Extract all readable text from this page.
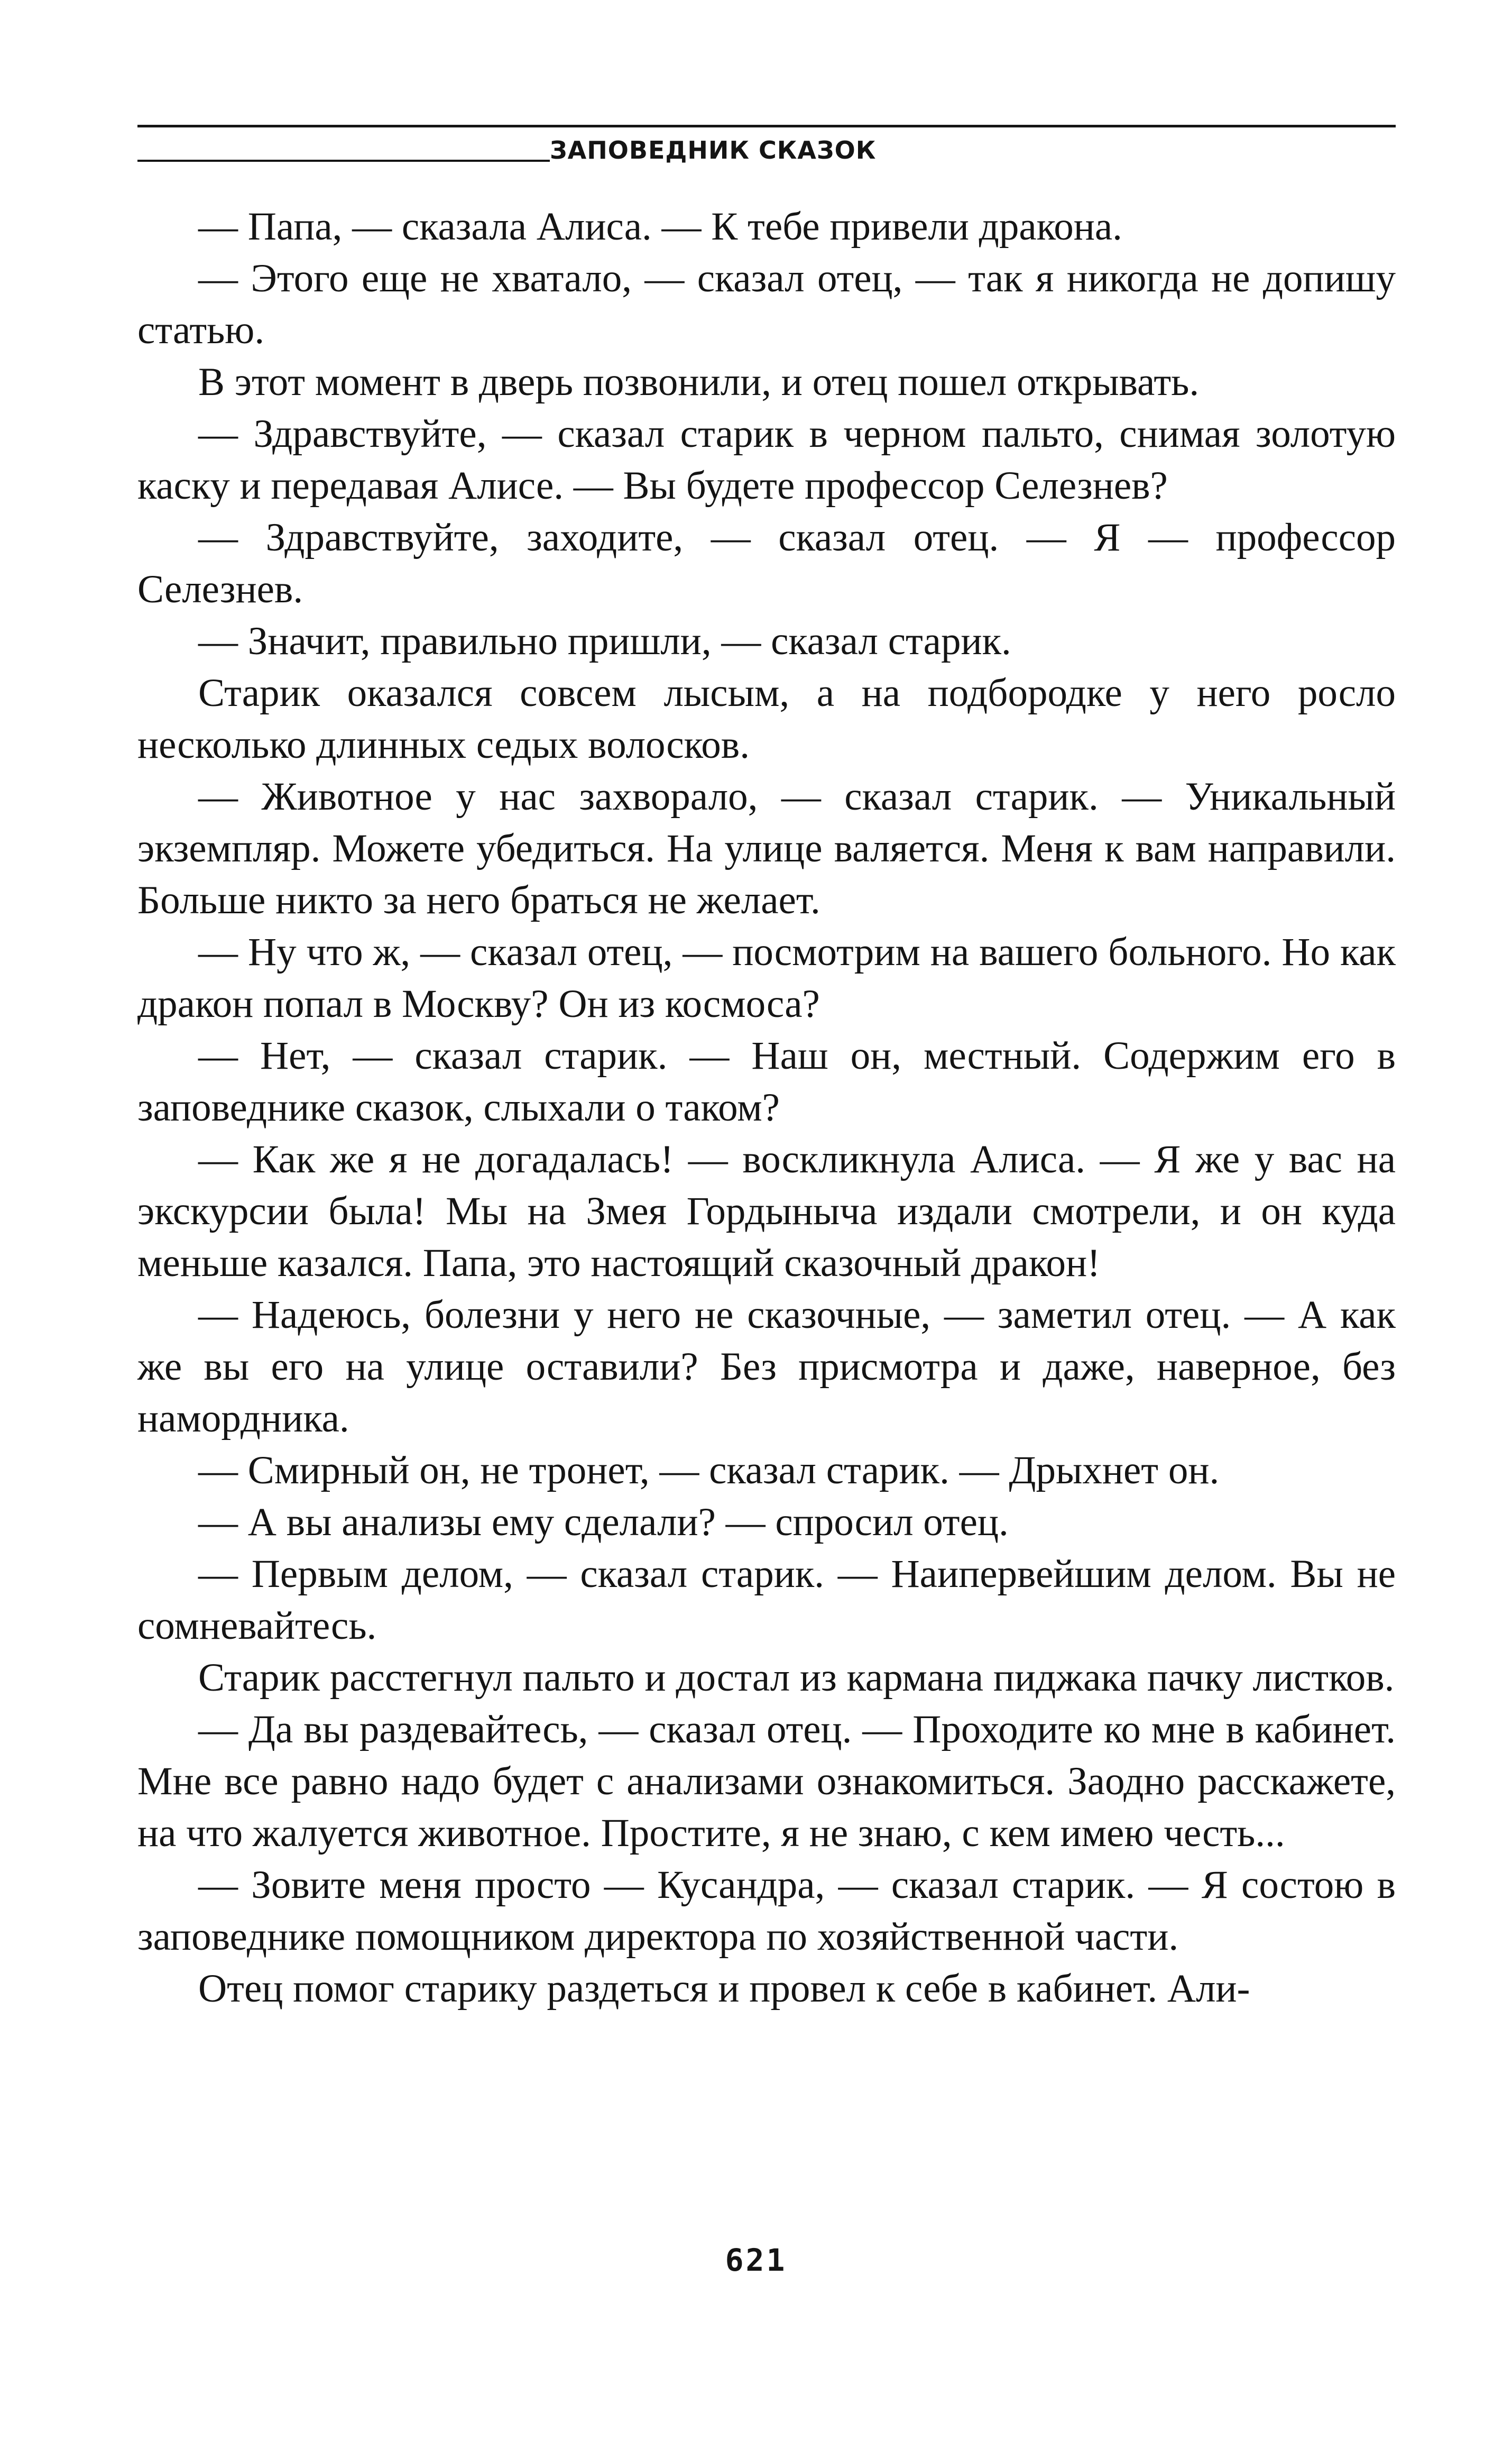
ЗАПОВЕДНИК СКАЗОК

— Папа, — сказала Алиса. — К тебе привели дракона.

— Этого еще не хватало, — сказал отец, — так я никогда не допишу статью.

В этот момент в дверь позвонили, и отец пошел открывать.

— Здравствуйте, — сказал старик в черном пальто, снимая золотую каску и передавая Алисе. — Вы будете профессор Селезнев?

— Здравствуйте, заходите, — сказал отец. — Я — профессор Селезнев.

— Значит, правильно пришли, — сказал старик.

Старик оказался совсем лысым, а на подбородке у него росло несколько длинных седых волосков.

— Животное у нас захворало, — сказал старик. — Уникальный экземпляр. Можете убедиться. На улице валяется. Меня к вам направили. Больше никто за него браться не желает.

— Ну что ж, — сказал отец, — посмотрим на вашего больного. Но как дракон попал в Москву? Он из космоса?

— Нет, — сказал старик. — Наш он, местный. Содержим его в заповеднике сказок, слыхали о таком?

— Как же я не догадалась! — воскликнула Алиса. — Я же у вас на экскурсии была! Мы на Змея Гордыныча издали смотрели, и он куда меньше казался. Папа, это настоящий сказочный дракон!

— Надеюсь, болезни у него не сказочные, — заметил отец. — А как же вы его на улице оставили? Без присмотра и даже, наверное, без намордника.

— Смирный он, не тронет, — сказал старик. — Дрыхнет он.

— А вы анализы ему сделали? — спросил отец.

— Первым делом, — сказал старик. — Наипервейшим делом. Вы не сомневайтесь.

Старик расстегнул пальто и достал из кармана пиджака пачку листков.

— Да вы раздевайтесь, — сказал отец. — Проходите ко мне в кабинет. Мне все равно надо будет с анализами ознакомиться. Заодно расскажете, на что жалуется животное. Простите, я не знаю, с кем имею честь...

— Зовите меня просто — Кусандра, — сказал старик. — Я состою в заповеднике помощником директора по хозяйственной части.

Отец помог старику раздеться и провел к себе в кабинет. Али-

621
